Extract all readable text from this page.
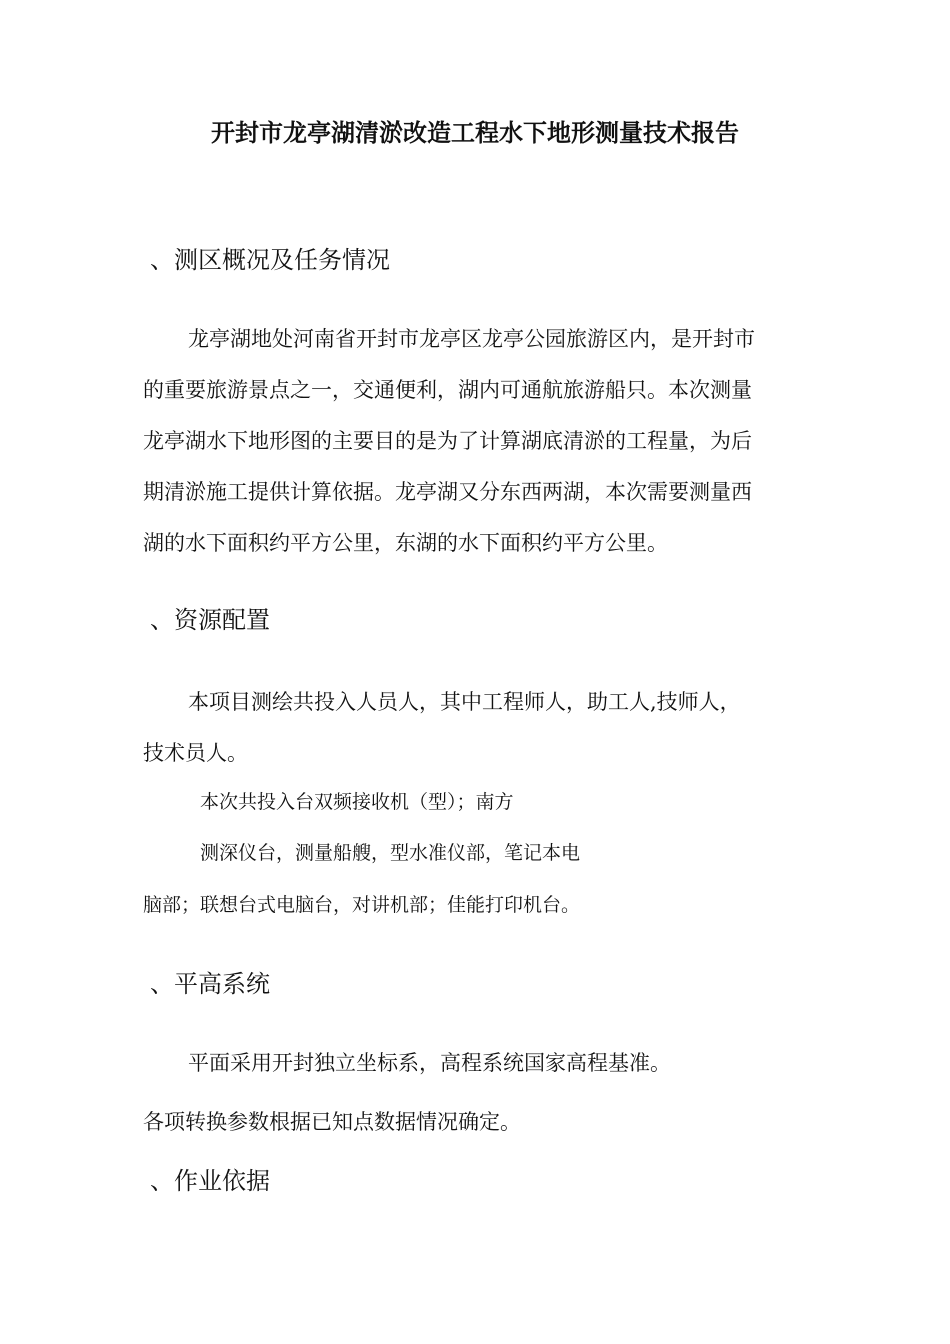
开封市龙亭湖清淤改造工程水下地形测量技术报告
、测区概况及任务情况
龙亭湖地处河南省开封市龙亭区龙亭公园旅游区内，是开封市
的重要旅游景点之一，交通便利，湖内可通航旅游船只。本次测量
龙亭湖水下地形图的主要目的是为了计算湖底清淤的工程量，为后
期清淤施工提供计算依据。龙亭湖又分东西两湖，本次需要测量西
湖的水下面积约平方公里，东湖的水下面积约平方公里。
、资源配置
本项目测绘共投入人员人，其中工程师人，助工人,技师人，
技术员人。
本次共投入台双频接收机（型）；南方
测深仪台，测量船艘，型水准仪部，笔记本电
脑部；联想台式电脑台，对讲机部；佳能打印机台。
、平高系统
平面采用开封独立坐标系，高程系统国家高程基准。
各项转换参数根据已知点数据情况确定。
、作业依据
